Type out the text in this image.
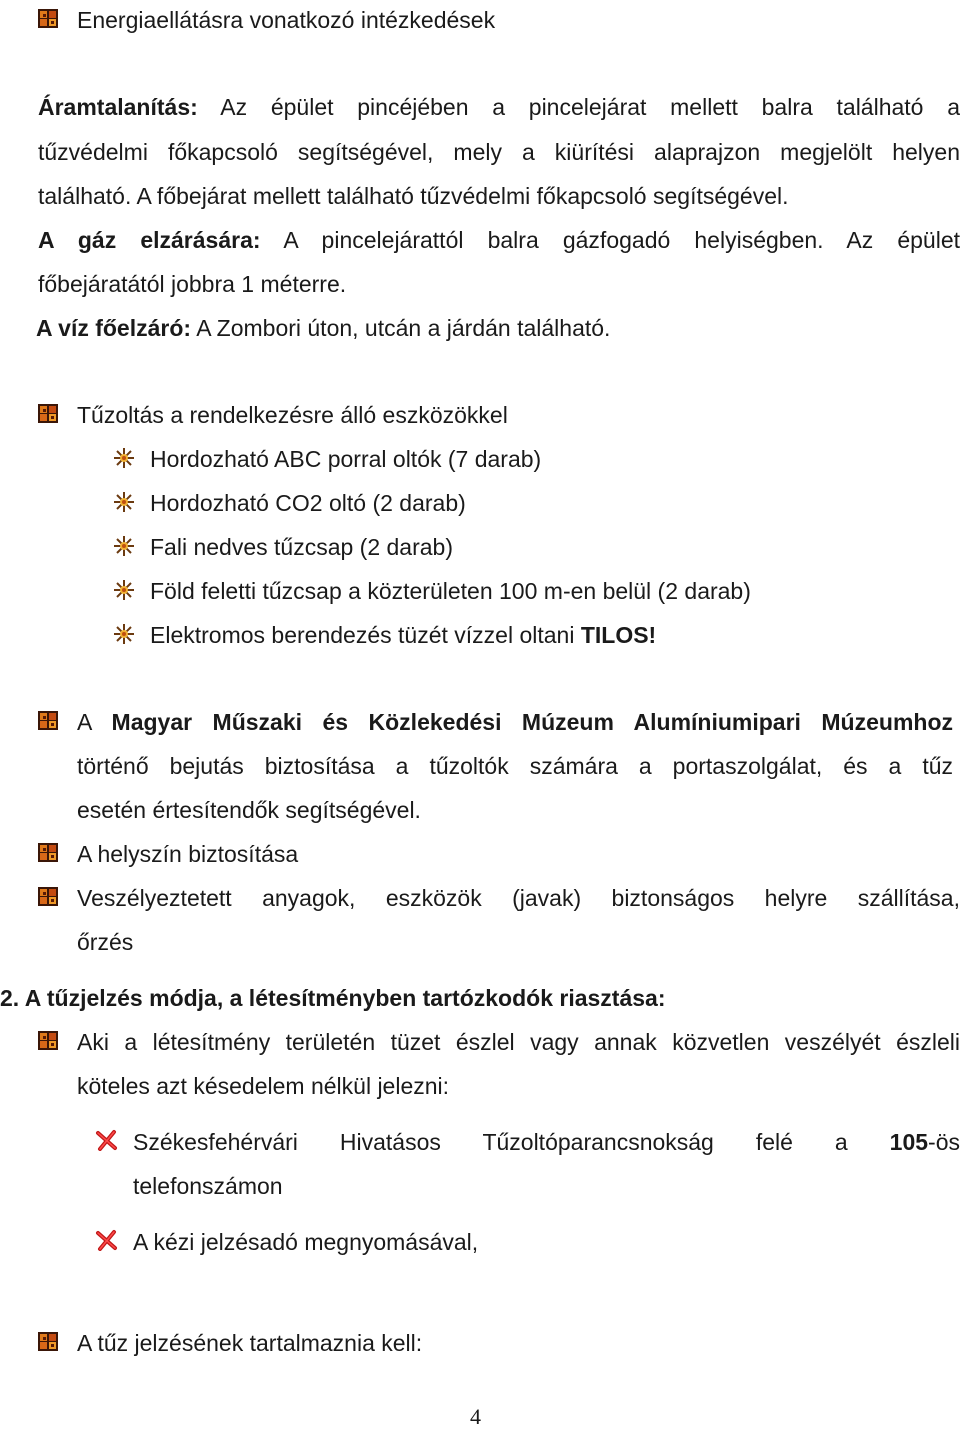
Energiaellátásra vonatkozó intézkedések
Áramtalanítás: Az épület pincéjében a pincelejárat mellett balra található a
tűzvédelmi főkapcsoló segítségével, mely a kiürítési alaprajzon megjelölt helyen
található. A főbejárat mellett található tűzvédelmi főkapcsoló segítségével.
A gáz elzárására: A pincelejárattól balra gázfogadó helyiségben. Az épület
főbejáratától jobbra 1 méterre.
A víz főelzáró: A Zombori úton, utcán a járdán található.
Tűzoltás a rendelkezésre álló eszközökkel
Hordozható ABC porral oltók (7 darab)
Hordozható CO2 oltó (2 darab)
Fali nedves tűzcsap (2 darab)
Föld feletti tűzcsap a közterületen 100 m-en belül (2 darab)
Elektromos berendezés tüzét vízzel oltani TILOS!
A Magyar Műszaki és Közlekedési Múzeum Alumíniumipari Múzeumhoz
történő bejutás biztosítása a tűzoltók számára a portaszolgálat, és a tűz
esetén értesítendők segítségével.
A helyszín biztosítása
Veszélyeztetett anyagok, eszközök (javak) biztonságos helyre szállítása,
őrzés
2. A tűzjelzés módja, a létesítményben tartózkodók riasztása:
Aki a létesítmény területén tüzet észlel vagy annak közvetlen veszélyét észleli
köteles azt késedelem nélkül jelezni:
Székesfehérvári Hivatásos Tűzoltóparancsnokság felé a 105-ös
telefonszámon
A kézi jelzésadó megnyomásával,
A tűz jelzésének tartalmaznia kell:
4
